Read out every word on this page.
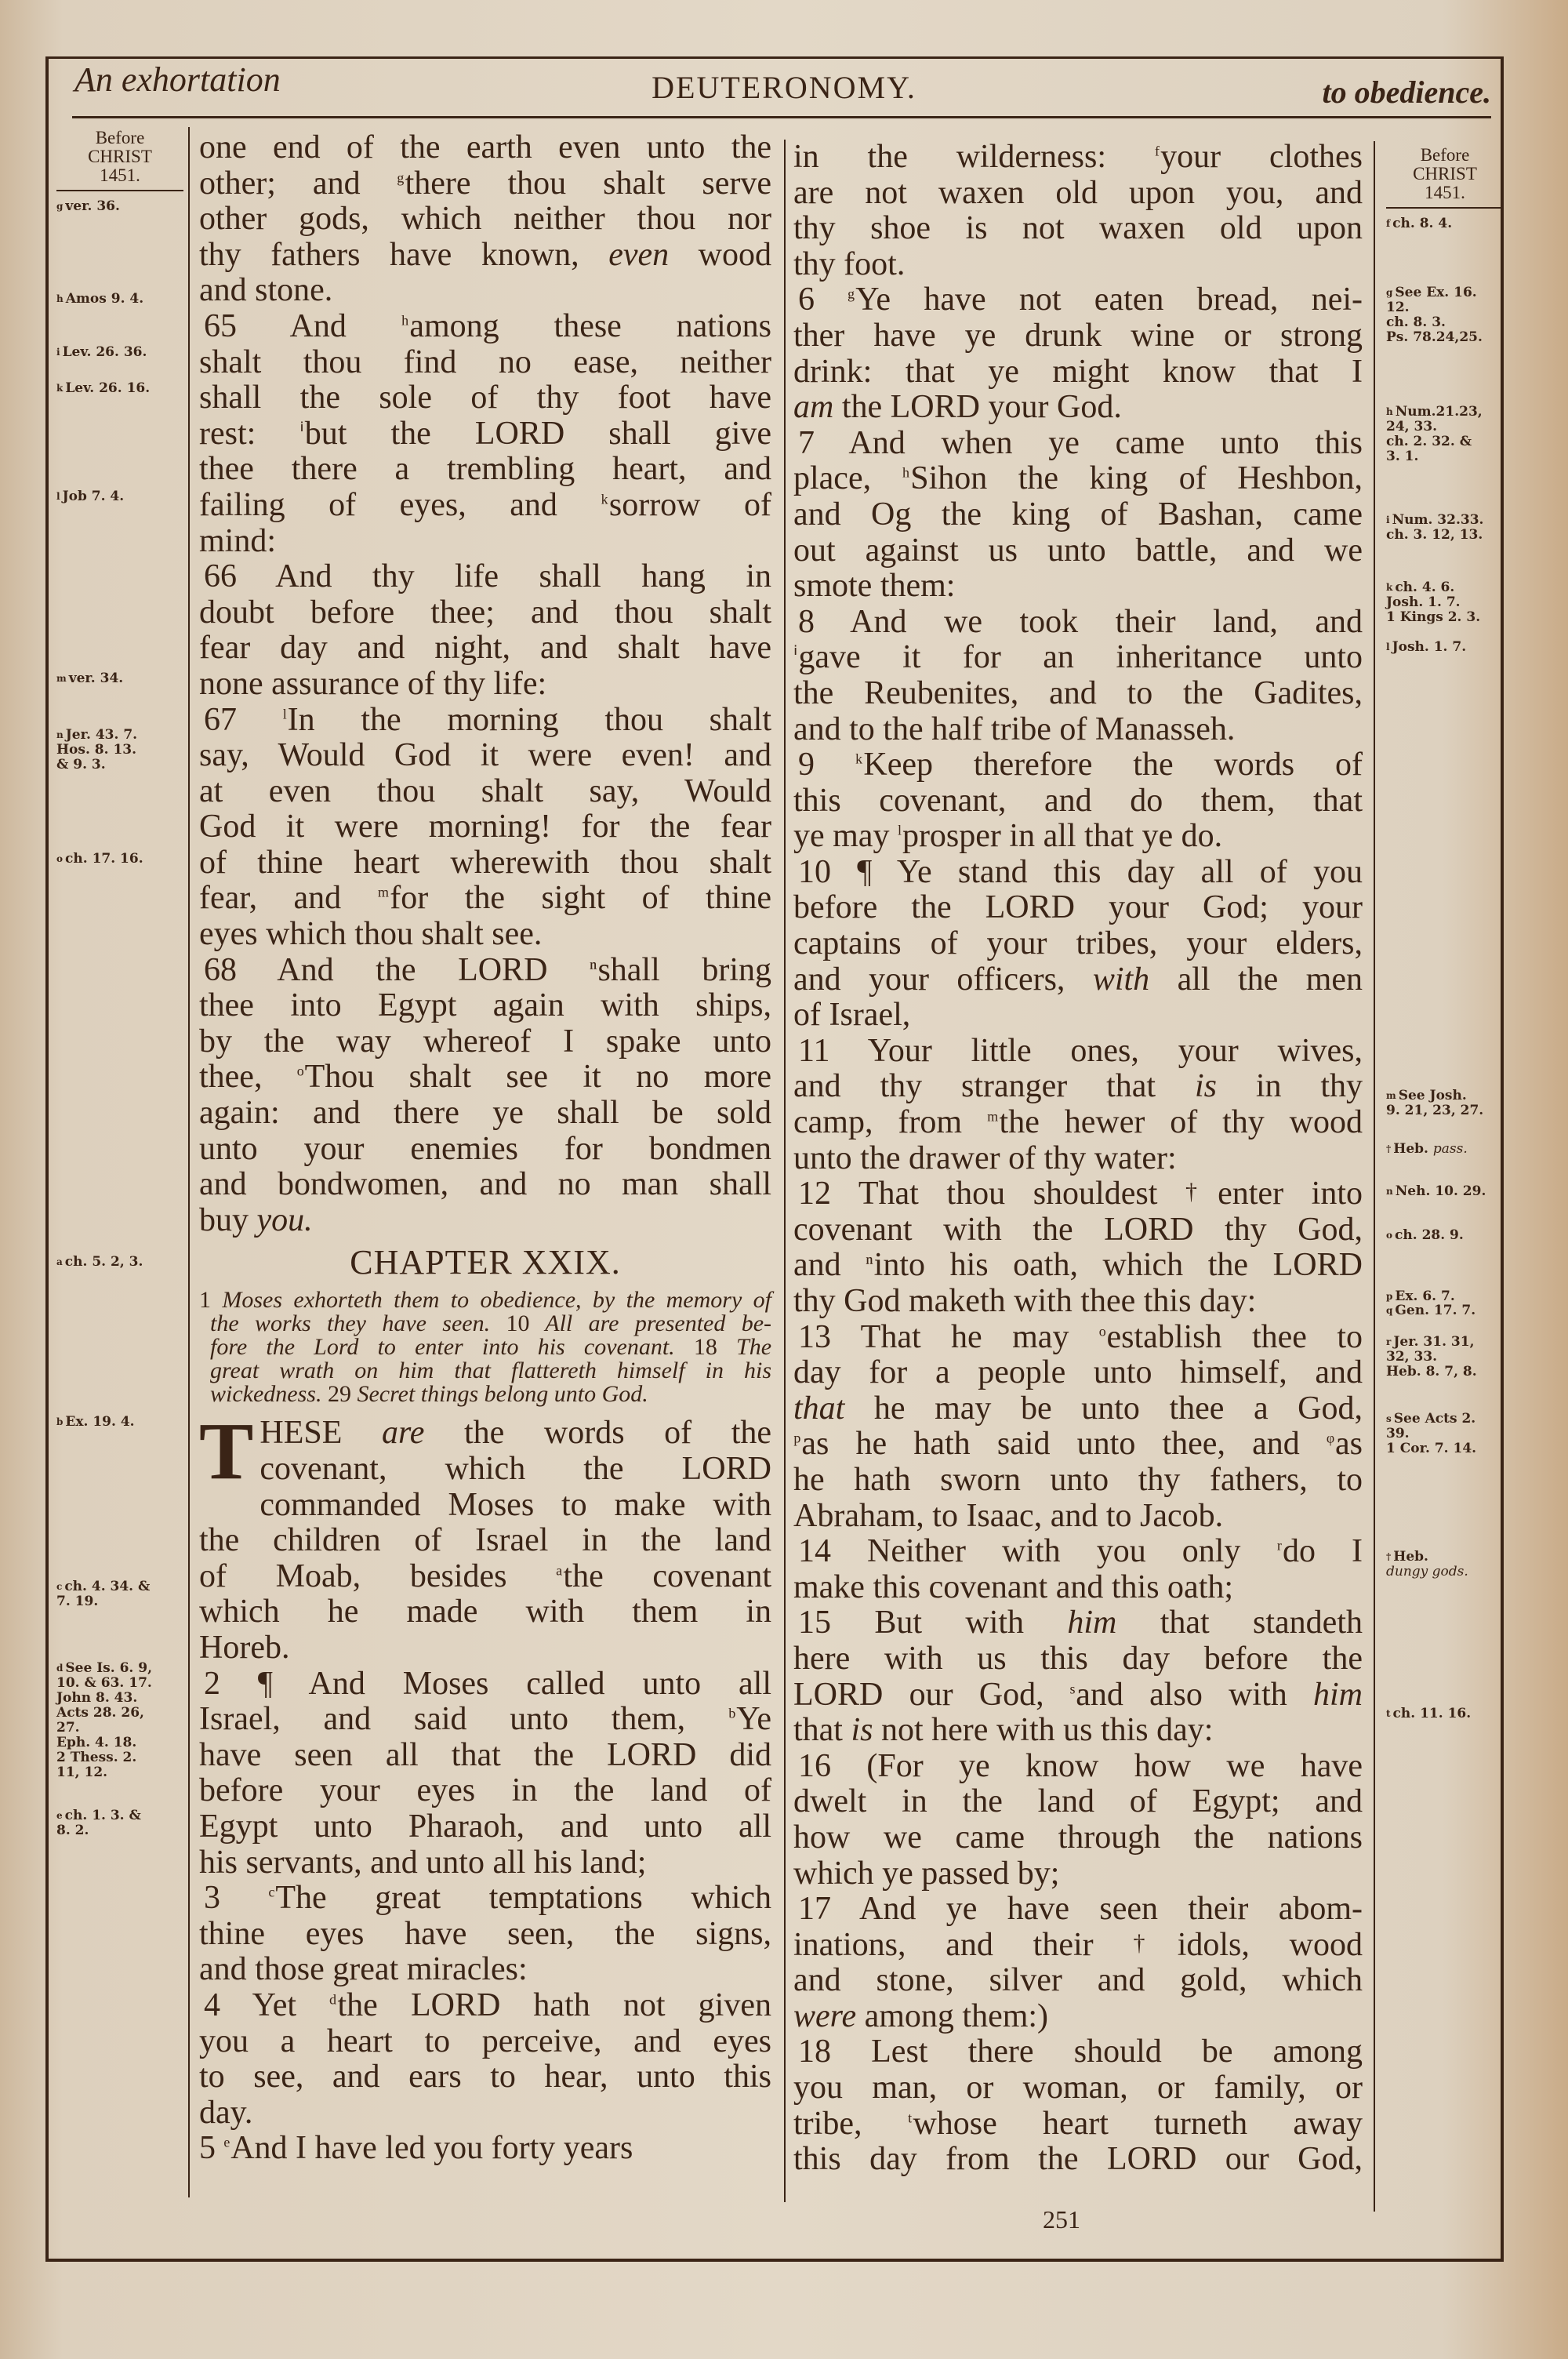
An exhortation	DEUTERONOMY.	to obedience.
Before
CHRIST
1451.
$^g$ ver. 36.
$^h$ Amos 9. 4.
$^i$ Lev. 26. 36.
$^k$ Lev. 26. 16.
$^l$ Job 7. 4.
$^m$ ver. 34.
$^n$ Jer. 43. 7.
Hos. 8. 13.
& 9. 3.
$^o$ ch. 17. 16.
$^a$ ch. 5. 2, 3.
$^b$ Ex. 19. 4.
$^c$ ch. 4. 34. &
7. 19.
$^d$ See Is. 6. 9,
10. & 63. 17.
John 8. 43.
Acts 28. 26,
27.
Eph. 4. 18.
2 Thess. 2.
11, 12.
$^e$ ch. 1. 3. &
8. 2.
Before
CHRIST
1451.
$^f$ ch. 8. 4.
$^g$ See Ex. 16.
12.
ch. 8. 3.
Ps. 78.24,25.
$^h$ Num.21.23,
24, 33.
ch. 2. 32. &
3. 1.
$^i$ Num. 32.33.
ch. 3. 12, 13.
$^k$ ch. 4. 6.
Josh. 1. 7.
1 Kings 2. 3.
$^l$ Josh. 1. 7.
$^m$ See Josh.
9. 21, 23, 27.
† Heb. pass.
$^n$ Neh. 10. 29.
$^o$ ch. 28. 9.
$^p$ Ex. 6. 7.
$^q$ Gen. 17. 7.
$^r$ Jer. 31. 31,
32, 33.
Heb. 8. 7, 8.
$^s$ See Acts 2.
39.
1 Cor. 7. 14.
† Heb.
dungy gods.
$^t$ ch. 11. 16.
one end of the earth even unto the
other; and ᵍthere thou shalt serve
other gods, which neither thou nor
thy fathers have known, even wood
and stone.
65 And ʰamong these nations
shalt thou find no ease, neither
shall the sole of thy foot have
rest: ⁱbut the LORD shall give
thee there a trembling heart, and
failing of eyes, and ᵏsorrow of
mind:
66 And thy life shall hang in
doubt before thee; and thou shalt
fear day and night, and shalt have
none assurance of thy life:
67 ˡIn the morning thou shalt
say, Would God it were even! and
at even thou shalt say, Would
God it were morning! for the fear
of thine heart wherewith thou shalt
fear, and ᵐfor the sight of thine
eyes which thou shalt see.
68 And the LORD ⁿshall bring
thee into Egypt again with ships,
by the way whereof I spake unto
thee, ᵒThou shalt see it no more
again: and there ye shall be sold
unto your enemies for bondmen
and bondwomen, and no man shall
buy you.
CHAPTER XXIX.
1 Moses exhorteth them to obedience, by the memory of
the works they have seen. 10 All are presented be-
fore the Lord to enter into his covenant. 18 The
great wrath on him that flattereth himself in his
wickedness. 29 Secret things belong unto God.
T HESE are the words of the
covenant, which the LORD
commanded Moses to make with
the children of Israel in the land
of Moab, besides ᵃthe covenant
which he made with them in
Horeb.
2 ¶ And Moses called unto all
Israel, and said unto them, ᵇYe
have seen all that the LORD did
before your eyes in the land of
Egypt unto Pharaoh, and unto all
his servants, and unto all his land;
3 ᶜThe great temptations which
thine eyes have seen, the signs,
and those great miracles:
4 Yet ᵈthe LORD hath not given
you a heart to perceive, and eyes
to see, and ears to hear, unto this
day.
5 ᵉAnd I have led you forty years
in the wilderness: ᶠyour clothes
are not waxen old upon you, and
thy shoe is not waxen old upon
thy foot.
6 ᵍYe have not eaten bread, nei-
ther have ye drunk wine or strong
drink: that ye might know that I
am the LORD your God.
7 And when ye came unto this
place, ʰSihon the king of Heshbon,
and Og the king of Bashan, came
out against us unto battle, and we
smote them:
8 And we took their land, and
ⁱgave it for an inheritance unto
the Reubenites, and to the Gadites,
and to the half tribe of Manasseh.
9 ᵏKeep therefore the words of
this covenant, and do them, that
ye may ˡprosper in all that ye do.
10 ¶ Ye stand this day all of you
before the LORD your God; your
captains of your tribes, your elders,
and your officers, with all the men
of Israel,
11 Your little ones, your wives,
and thy stranger that is in thy
camp, from ᵐthe hewer of thy wood
unto the drawer of thy water:
12 That thou shouldest †enter into
covenant with the LORD thy God,
and ⁿinto his oath, which the LORD
thy God maketh with thee this day:
13 That he may ᵒestablish thee to
day for a people unto himself, and
that he may be unto thee a God,
ᵖas he hath said unto thee, and ᵠas
he hath sworn unto thy fathers, to
Abraham, to Isaac, and to Jacob.
14 Neither with you only ʳdo I
make this covenant and this oath;
15 But with him that standeth
here with us this day before the
LORD our God, ˢand also with him
that is not here with us this day:
16 (For ye know how we have
dwelt in the land of Egypt; and
how we came through the nations
which ye passed by;
17 And ye have seen their abom-
inations, and their †idols, wood
and stone, silver and gold, which
were among them:)
18 Lest there should be among
you man, or woman, or family, or
tribe, ᵗwhose heart turneth away
this day from the LORD our God,
251
